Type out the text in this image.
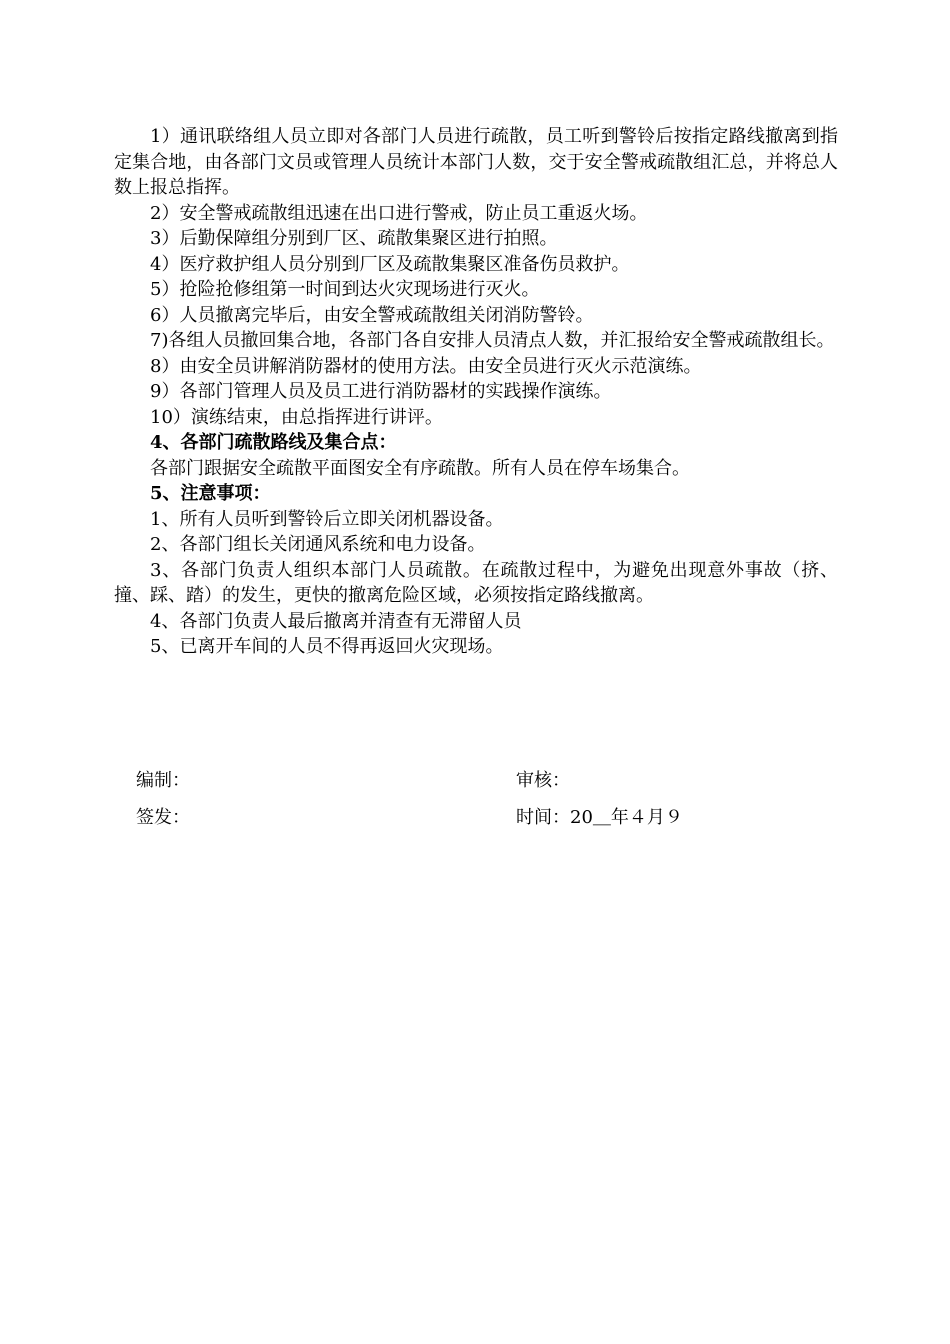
1）通讯联络组人员立即对各部门人员进行疏散，员工听到警铃后按指定路线撤离到指定集合地，由各部门文员或管理人员统计本部门人数，交于安全警戒疏散组汇总，并将总人数上报总指挥。

2）安全警戒疏散组迅速在出口进行警戒，防止员工重返火场。

3）后勤保障组分别到厂区、疏散集聚区进行拍照。

4）医疗救护组人员分别到厂区及疏散集聚区准备伤员救护。

5）抢险抢修组第一时间到达火灾现场进行灭火。

6）人员撤离完毕后，由安全警戒疏散组关闭消防警铃。

7)各组人员撤回集合地，各部门各自安排人员清点人数，并汇报给安全警戒疏散组长。

8）由安全员讲解消防器材的使用方法。由安全员进行灭火示范演练。

9）各部门管理人员及员工进行消防器材的实践操作演练。

10）演练结束，由总指挥进行讲评。

4、各部门疏散路线及集合点：

各部门跟据安全疏散平面图安全有序疏散。所有人员在停车场集合。

5、注意事项：

1、所有人员听到警铃后立即关闭机器设备。

2、各部门组长关闭通风系统和电力设备。

3、各部门负责人组织本部门人员疏散。在疏散过程中，为避免出现意外事故（挤、撞、踩、踏）的发生，更快的撤离危险区域，必须按指定路线撤离。

4、各部门负责人最后撤离并清查有无滞留人员

5、已离开车间的人员不得再返回火灾现场。

编制：	审核：
签发：	时间：20＿年４月９
